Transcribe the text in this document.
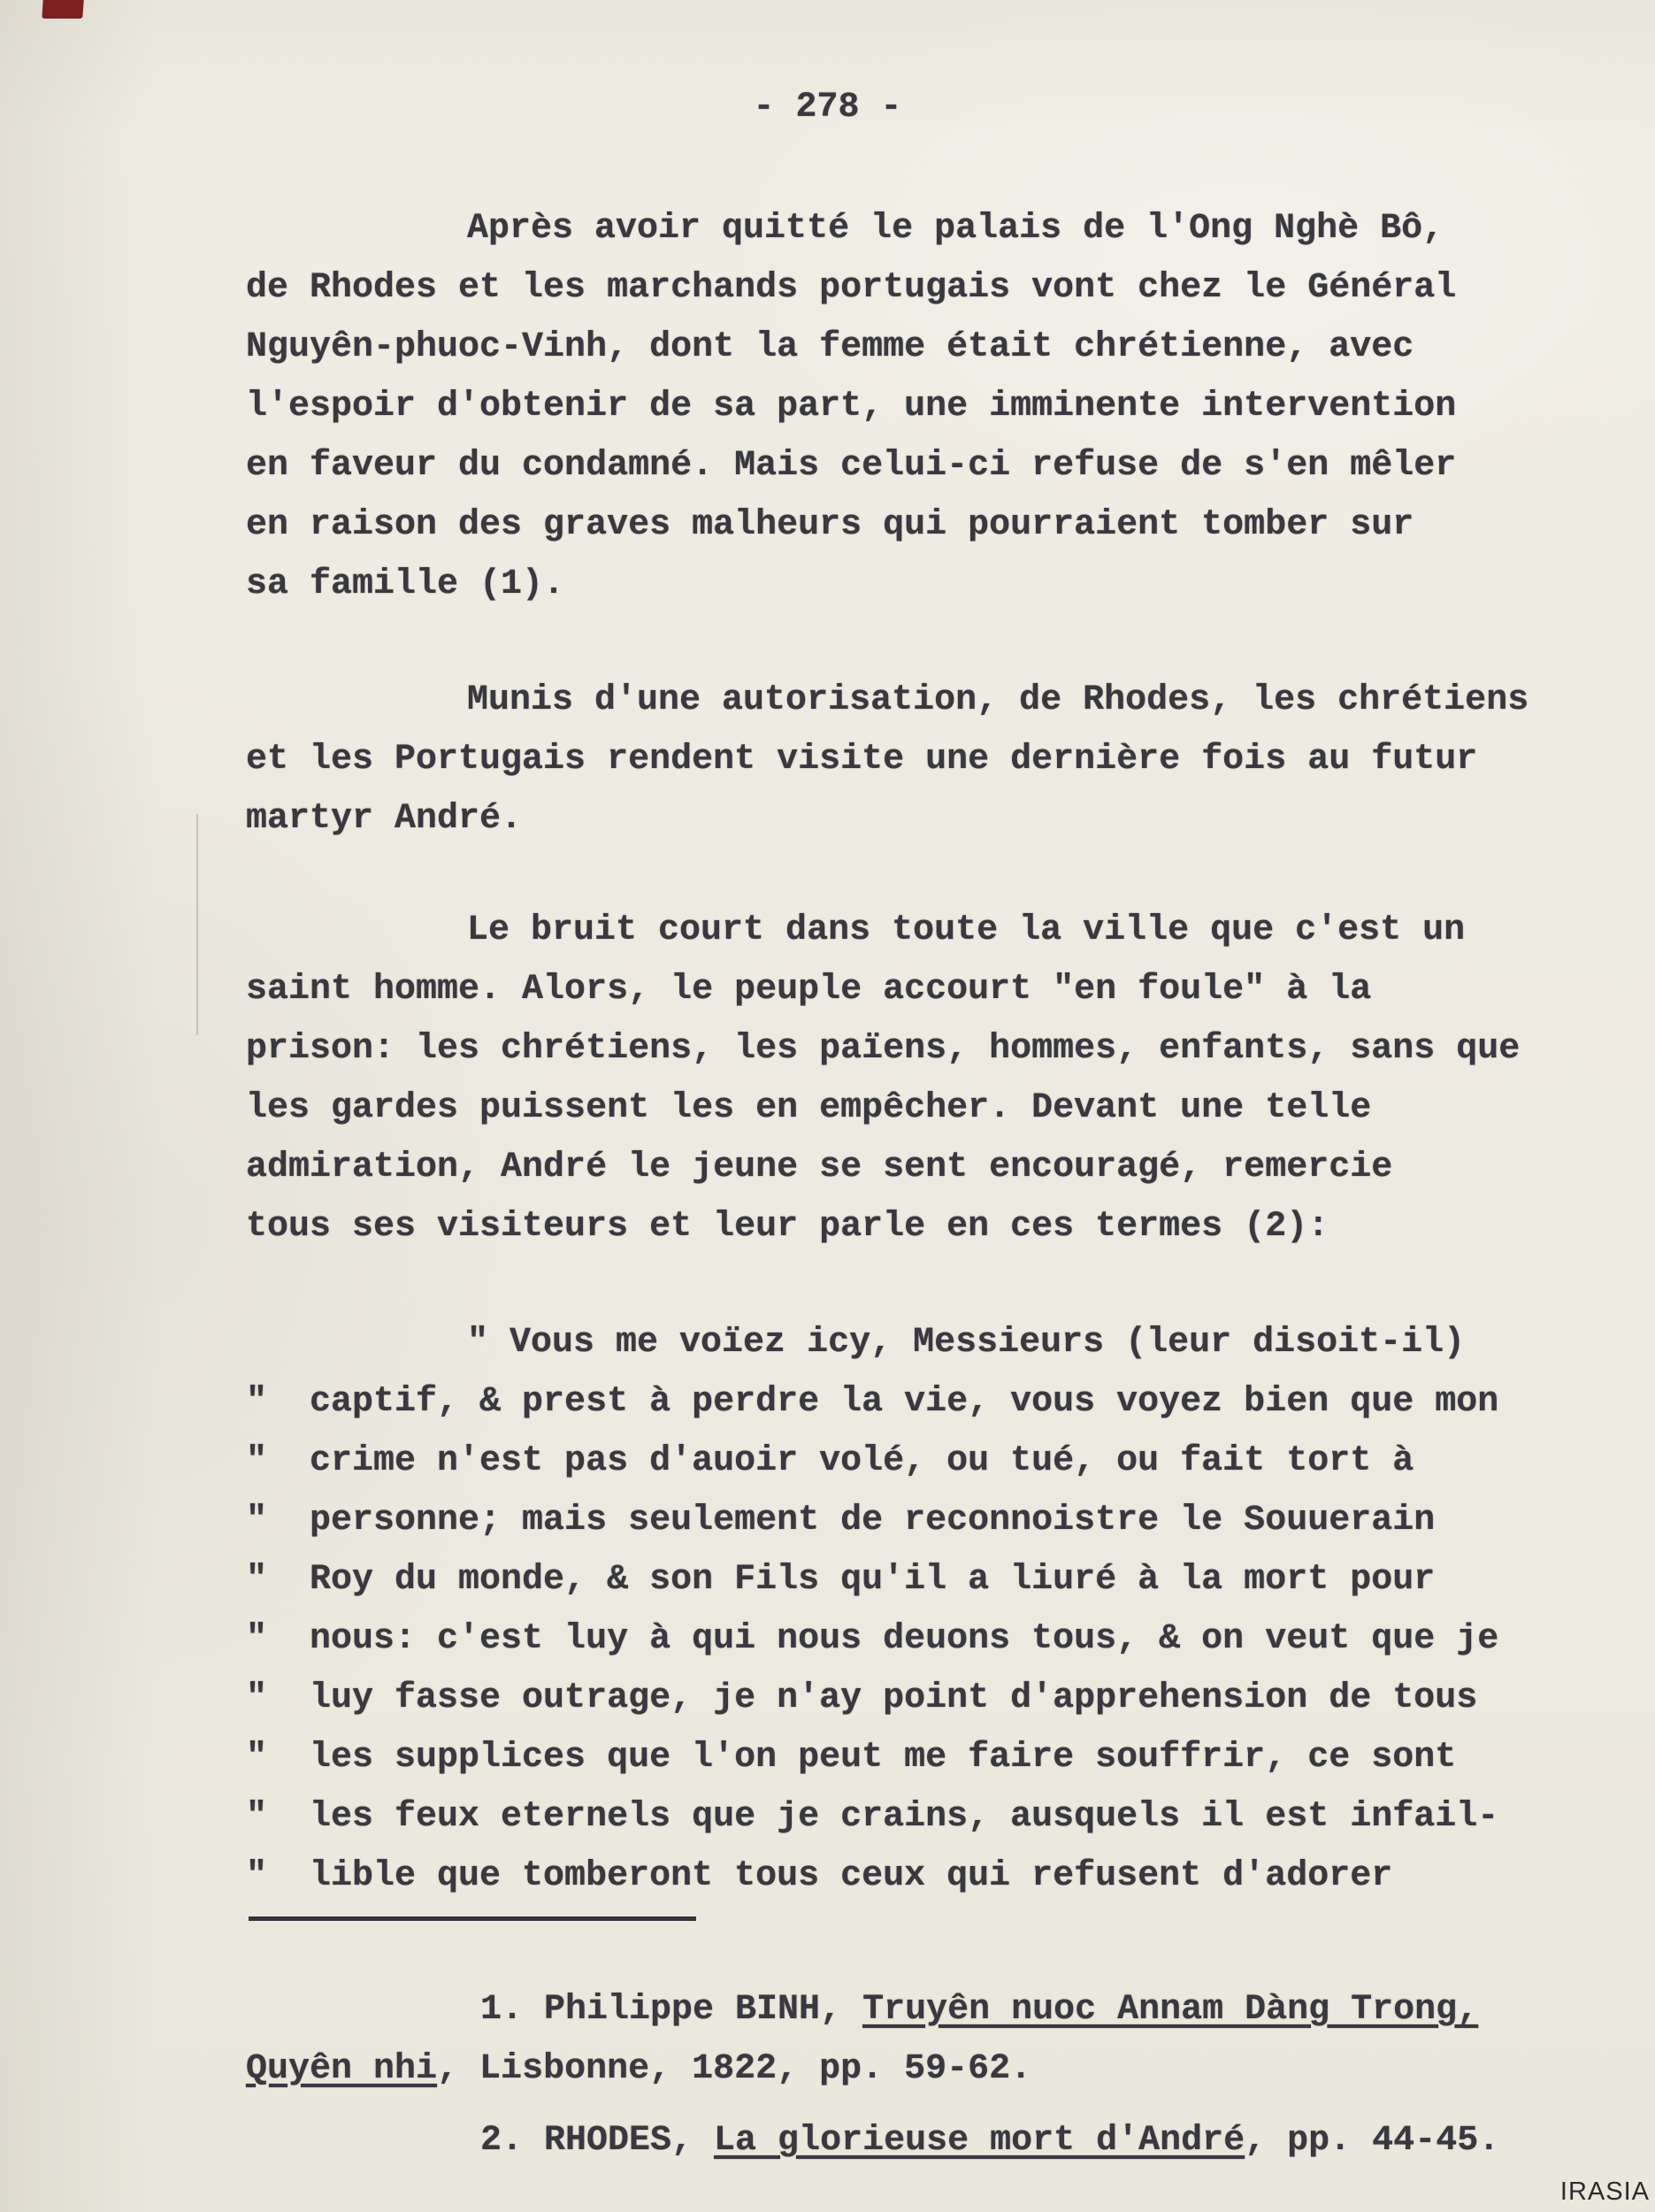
- 278 -
Après avoir quitté le palais de l'Ong Nghè Bô,
de Rhodes et les marchands portugais vont chez le Général
Nguyên-phuoc-Vinh, dont la femme était chrétienne, avec
l'espoir d'obtenir de sa part, une imminente intervention
en faveur du condamné. Mais celui-ci refuse de s'en mêler
en raison des graves malheurs qui pourraient tomber sur
sa famille (1).
Munis d'une autorisation, de Rhodes, les chrétiens
et les Portugais rendent visite une dernière fois au futur
martyr André.
Le bruit court dans toute la ville que c'est un
saint homme. Alors, le peuple accourt "en foule" à la
prison: les chrétiens, les païens, hommes, enfants, sans que
les gardes puissent les en empêcher. Devant une telle
admiration, André le jeune se sent encouragé, remercie
tous ses visiteurs et leur parle en ces termes (2):
" Vous me voïez icy, Messieurs (leur disoit-il)
"  captif, & prest à perdre la vie, vous voyez bien que mon
"  crime n'est pas d'auoir volé, ou tué, ou fait tort à
"  personne; mais seulement de reconnoistre le Souuerain
"  Roy du monde, & son Fils qu'il a liuré à la mort pour
"  nous: c'est luy à qui nous deuons tous, & on veut que je
"  luy fasse outrage, je n'ay point d'apprehension de tous
"  les supplices que l'on peut me faire souffrir, ce sont
"  les feux eternels que je crains, ausquels il est infail-
"  lible que tomberont tous ceux qui refusent d'adorer
1. Philippe BINH, Truyên nuoc Annam Dàng Trong,
Quyên nhi, Lisbonne, 1822, pp. 59-62.
2. RHODES, La glorieuse mort d'André, pp. 44-45.
IRASIA
